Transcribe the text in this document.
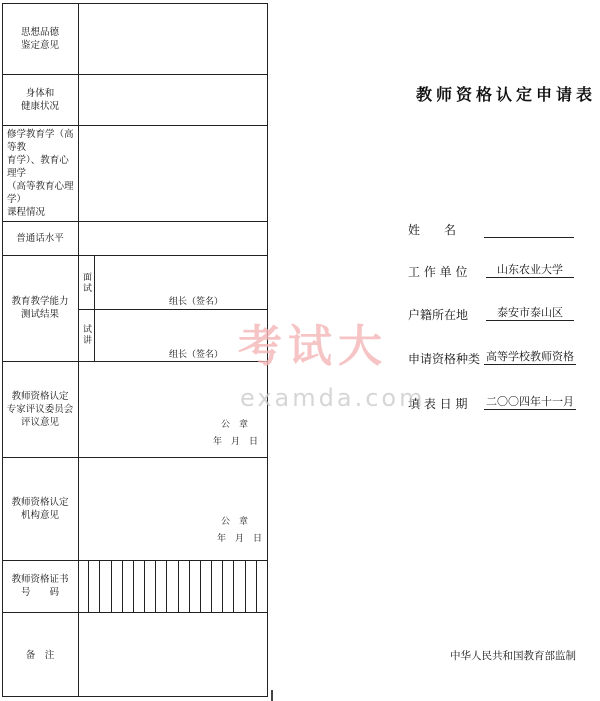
思想品德
鉴定意见
身体和
健康状况
修学教育学（高等教
育学）、教育心理学
（高等教育心理学）
课程情况
普通话水平
教育教学能力
测试结果
教师资格认定
专家评议委员会
评议意见
教师资格认定
机构意见
教师资格证书
号　　码
备　注
面试
试讲
组长（签名）
组长（签名）
公　章
年　月　日
公　章
年　月　日
教师资格认定申请表
姓　　名
工 作 单 位	山东农业大学
户籍所在地	泰安市泰山区
申请资格种类 高等学校教师资格
填 表 日 期 二〇〇四年十一月
考试大
examda.com
中华人民共和国教育部监制
